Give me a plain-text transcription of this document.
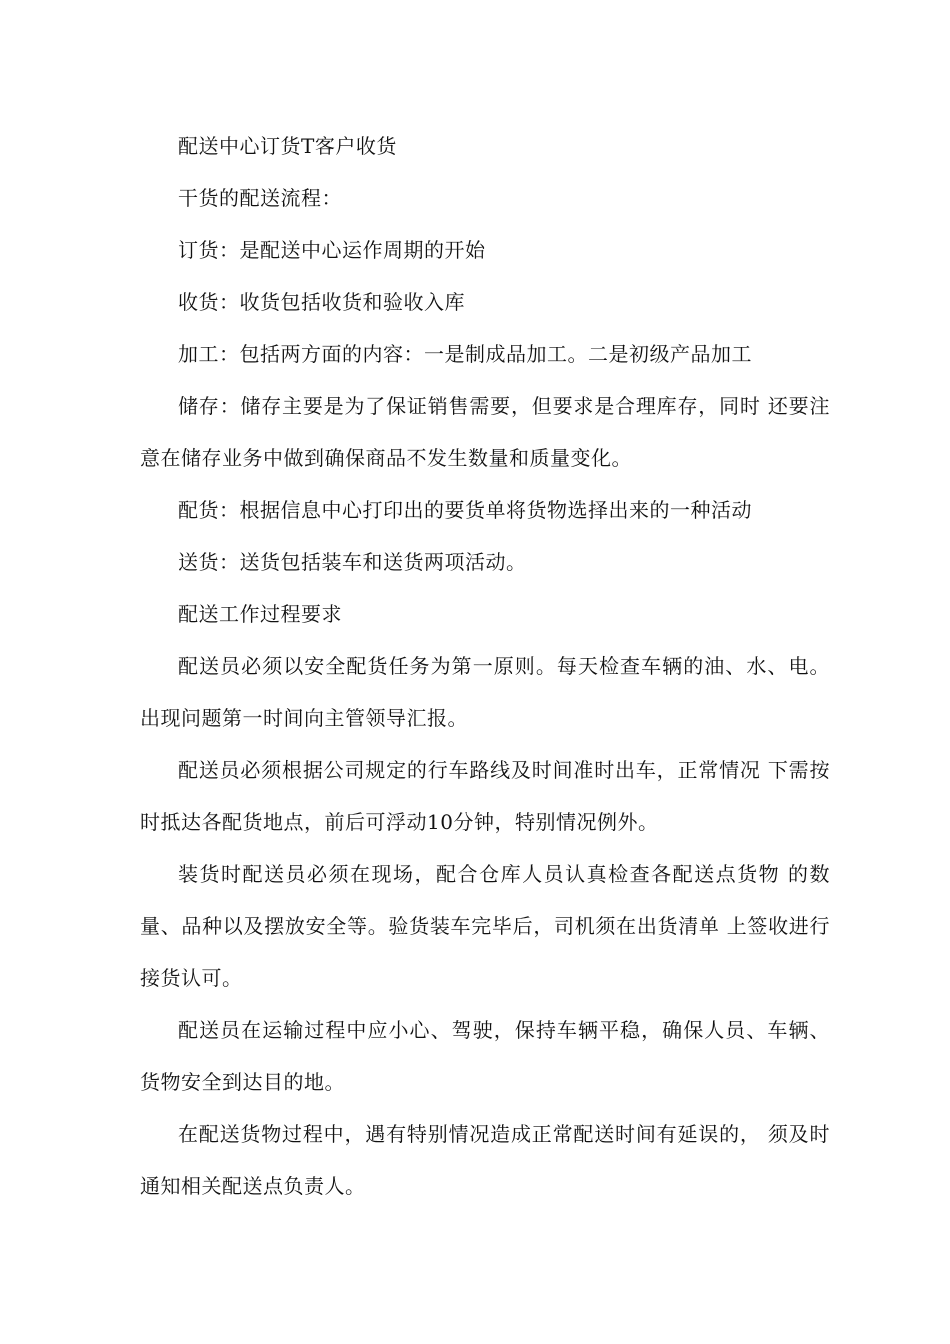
配送中心订货T客户收货

干货的配送流程：

订货：是配送中心运作周期的开始

收货：收货包括收货和验收入库

加工：包括两方面的内容：一是制成品加工。二是初级产品加工

储存：储存主要是为了保证销售需要，但要求是合理库存，同时 还要注意在储存业务中做到确保商品不发生数量和质量变化。

配货：根据信息中心打印出的要货单将货物选择出来的一种活动

送货：送货包括装车和送货两项活动。

配送工作过程要求

配送员必须以安全配货任务为第一原则。每天检查车辆的油、水、电。出现问题第一时间向主管领导汇报。

配送员必须根据公司规定的行车路线及时间准时出车，正常情况 下需按时抵达各配货地点，前后可浮动10分钟，特别情况例外。

装货时配送员必须在现场，配合仓库人员认真检查各配送点货物 的数量、品种以及摆放安全等。验货装车完毕后，司机须在出货清单 上签收进行接货认可。

配送员在运输过程中应小心、驾驶，保持车辆平稳，确保人员、车辆、货物安全到达目的地。

在配送货物过程中，遇有特别情况造成正常配送时间有延误的， 须及时通知相关配送点负责人。
